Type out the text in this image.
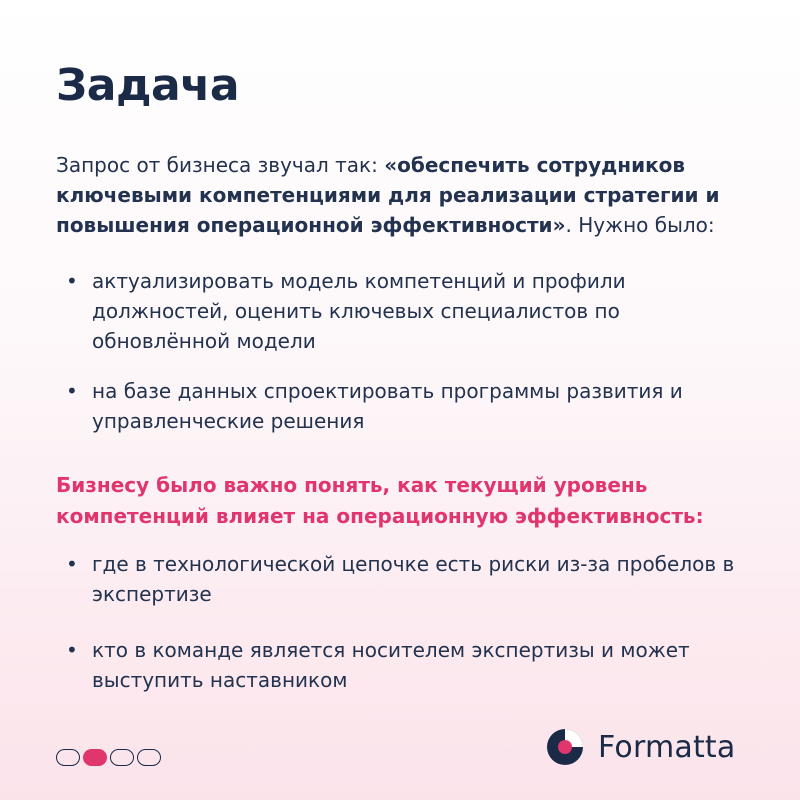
Задача

Запрос от бизнеса звучал так: «обеспечить сотрудников ключевыми компетенциями для реализации стратегии и повышения операционной эффективности». Нужно было:

• актуализировать модель компетенций и профили должностей, оценить ключевых специалистов по обновлённой модели
• на базе данных спроектировать программы развития и управленческие решения

Бизнесу было важно понять, как текущий уровень компетенций влияет на операционную эффективность:

• где в технологической цепочке есть риски из-за пробелов в экспертизе
• кто в команде является носителем экспертизы и может выступить наставником
Formatta
